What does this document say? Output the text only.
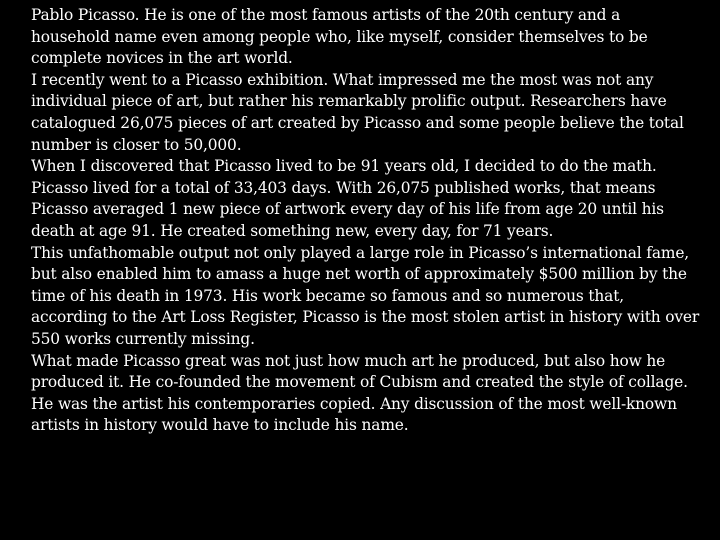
Pablo Picasso. He is one of the most famous artists of the 20th century and a household name even among people who, like myself, consider themselves to be complete novices in the art world.

I recently went to a Picasso exhibition. What impressed me the most was not any individual piece of art, but rather his remarkably prolific output. Researchers have catalogued 26,075 pieces of art created by Picasso and some people believe the total number is closer to 50,000.

When I discovered that Picasso lived to be 91 years old, I decided to do the math. Picasso lived for a total of 33,403 days. With 26,075 published works, that means Picasso averaged 1 new piece of artwork every day of his life from age 20 until his death at age 91. He created something new, every day, for 71 years.

This unfathomable output not only played a large role in Picasso’s international fame, but also enabled him to amass a huge net worth of approximately $500 million by the time of his death in 1973. His work became so famous and so numerous that, according to the Art Loss Register, Picasso is the most stolen artist in history with over 550 works currently missing.

What made Picasso great was not just how much art he produced, but also how he produced it. He co-founded the movement of Cubism and created the style of collage. He was the artist his contemporaries copied. Any discussion of the most well-known artists in history would have to include his name.
